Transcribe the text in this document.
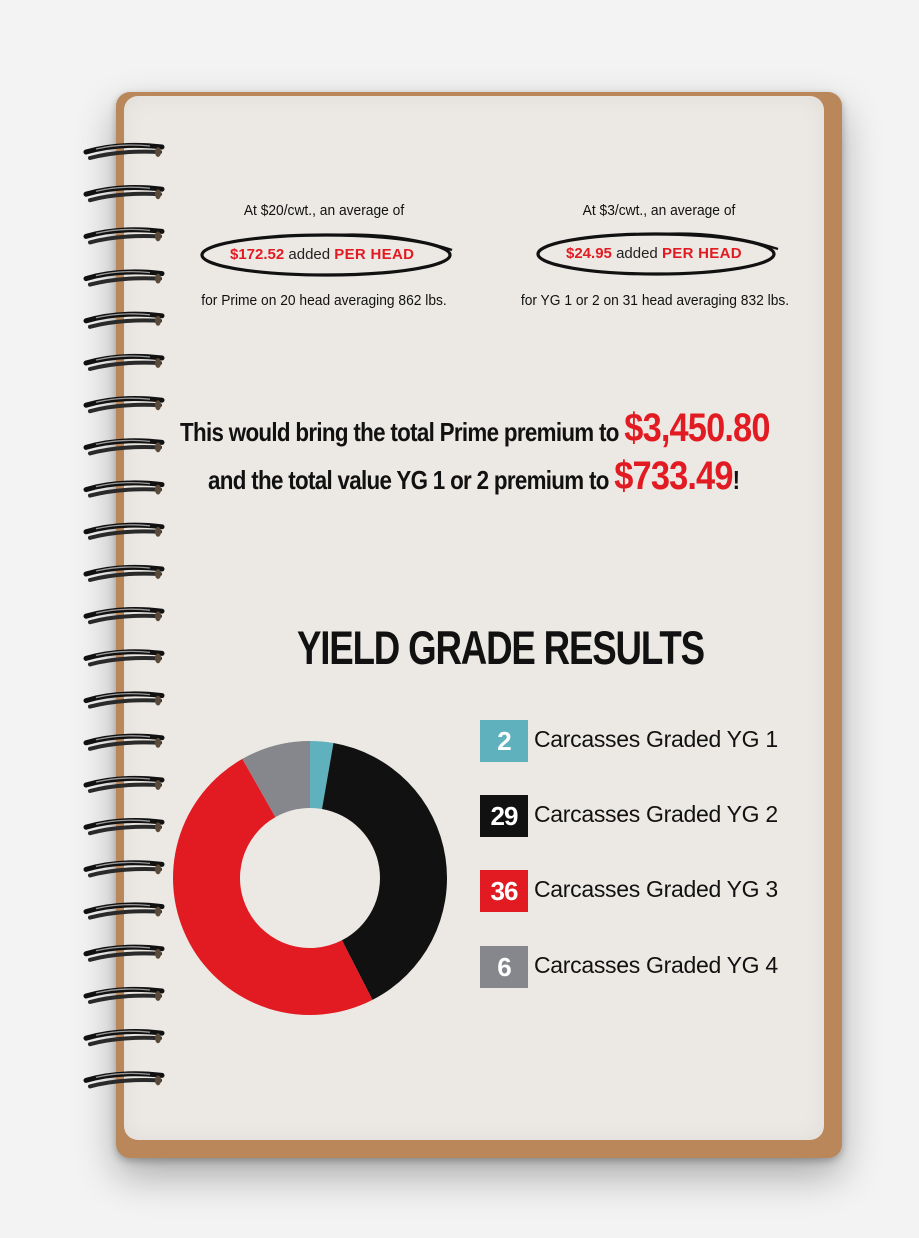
At $20/cwt., an average of
$172.52 added PER HEAD
for Prime on 20 head averaging 862 lbs.
At $3/cwt., an average of
$24.95 added PER HEAD
for YG 1 or 2 on 31 head averaging 832 lbs.
This would bring the total Prime premium to $3,450.80
and the total value YG 1 or 2 premium to $733.49!
YIELD GRADE RESULTS
2	Carcasses Graded YG 1
29 Carcasses Graded YG 2
36 Carcasses Graded YG 3
6	Carcasses Graded YG 4
